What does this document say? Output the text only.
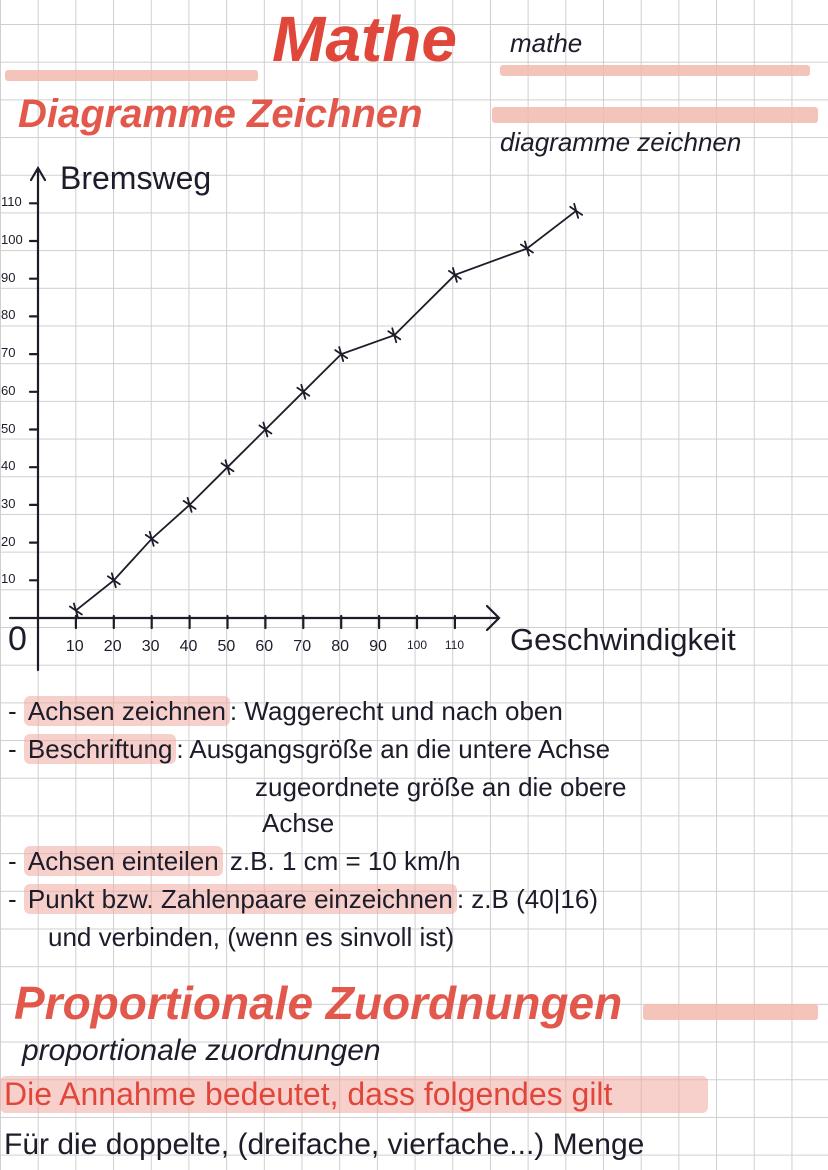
Mathe mathe
Diagramme Zeichnen
diagramme zeichnen
Bremsweg
0	Geschwindigkeit
10
20
30
40
50
60
70
80
90
100
110
10 20 30 40 50 60 70 80 90 100 110
- Achsen zeichnen : Waggerecht und nach oben
- Beschriftung : Ausgangsgröße an die untere Achse
zugeordnete größe an die obere
Achse
- Achsen einteilen z.B. 1 cm = 10 km/h
- Punkt bzw. Zahlenpaare einzeichnen : z.B (40|16)
und verbinden, (wenn es sinvoll ist)
Proportionale Zuordnungen
proportionale zuordnungen
Die Annahme bedeutet, dass folgendes gilt
Für die doppelte, (dreifache, vierfache...) Menge
